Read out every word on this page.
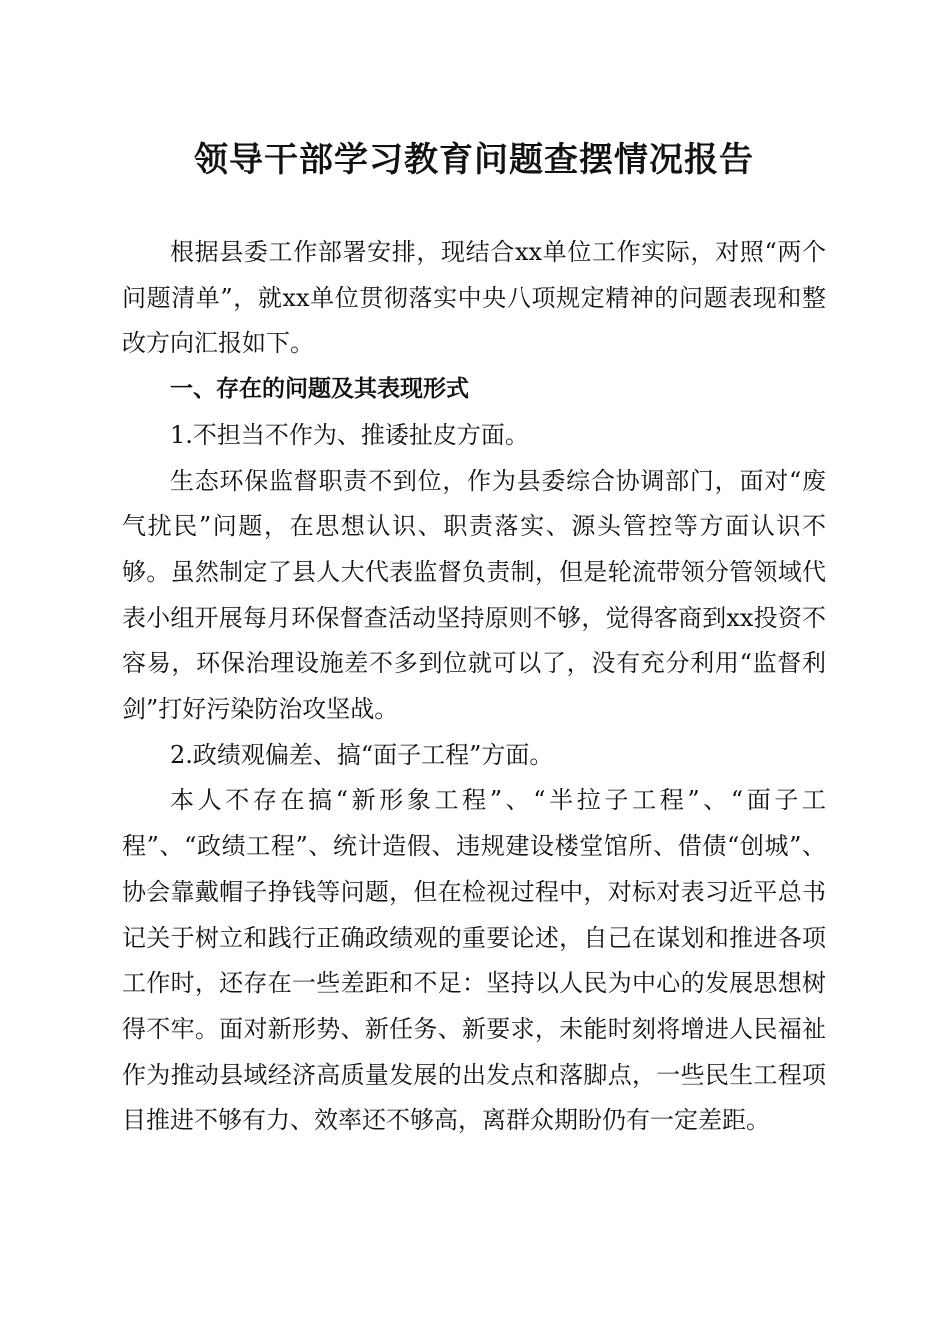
领导干部学习教育问题查摆情况报告

根据县委工作部署安排，现结合xx单位工作实际，对照“两个问题清单”，就xx单位贯彻落实中央八项规定精神的问题表现和整改方向汇报如下。

一、存在的问题及其表现形式

1.不担当不作为、推诿扯皮方面。

生态环保监督职责不到位，作为县委综合协调部门，面对“废气扰民”问题，在思想认识、职责落实、源头管控等方面认识不够。虽然制定了县人大代表监督负责制，但是轮流带领分管领域代表小组开展每月环保督查活动坚持原则不够，觉得客商到xx投资不容易，环保治理设施差不多到位就可以了，没有充分利用“监督利剑”打好污染防治攻坚战。

2.政绩观偏差、搞“面子工程”方面。

本人不存在搞“新形象工程”、“半拉子工程”、“面子工程”、“政绩工程”、统计造假、违规建设楼堂馆所、借债“创城”、协会靠戴帽子挣钱等问题，但在检视过程中，对标对表习近平总书记关于树立和践行正确政绩观的重要论述，自己在谋划和推进各项工作时，还存在一些差距和不足：坚持以人民为中心的发展思想树得不牢。面对新形势、新任务、新要求，未能时刻将增进人民福祉作为推动县域经济高质量发展的出发点和落脚点，一些民生工程项目推进不够有力、效率还不够高，离群众期盼仍有一定差距。
